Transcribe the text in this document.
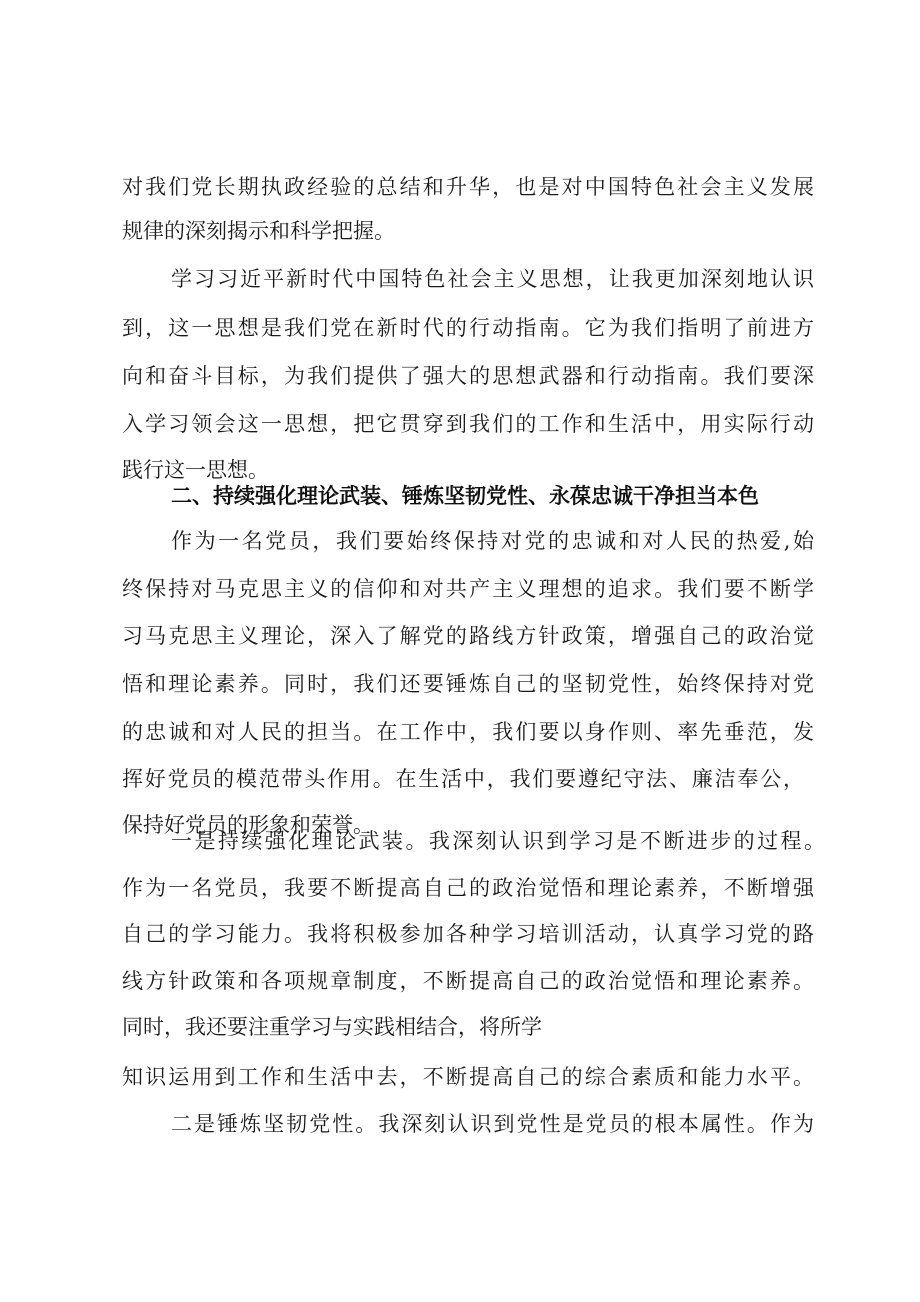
对我们党长期执政经验的总结和升华，也是对中国特色社会主义发展
规律的深刻揭示和科学把握。
学习习近平新时代中国特色社会主义思想，让我更加深刻地认识
到，这一思想是我们党在新时代的行动指南。它为我们指明了前进方
向和奋斗目标，为我们提供了强大的思想武器和行动指南。我们要深
入学习领会这一思想，把它贯穿到我们的工作和生活中，用实际行动
践行这一思想。
二、持续强化理论武装、锤炼坚韧党性、永葆忠诚干净担当本色
作为一名党员，我们要始终保持对党的忠诚和对人民的热爱,始
终保持对马克思主义的信仰和对共产主义理想的追求。我们要不断学
习马克思主义理论，深入了解党的路线方针政策，增强自己的政治觉
悟和理论素养。同时，我们还要锤炼自己的坚韧党性，始终保持对党
的忠诚和对人民的担当。在工作中，我们要以身作则、率先垂范，发
挥好党员的模范带头作用。在生活中，我们要遵纪守法、廉洁奉公，
保持好党员的形象和荣誉。
一是持续强化理论武装。我深刻认识到学习是不断进步的过程。
作为一名党员，我要不断提高自己的政治觉悟和理论素养，不断增强
自己的学习能力。我将积极参加各种学习培训活动，认真学习党的路
线方针政策和各项规章制度，不断提高自己的政治觉悟和理论素养。
同时，我还要注重学习与实践相结合，将所学
知识运用到工作和生活中去，不断提高自己的综合素质和能力水平。
二是锤炼坚韧党性。我深刻认识到党性是党员的根本属性。作为
